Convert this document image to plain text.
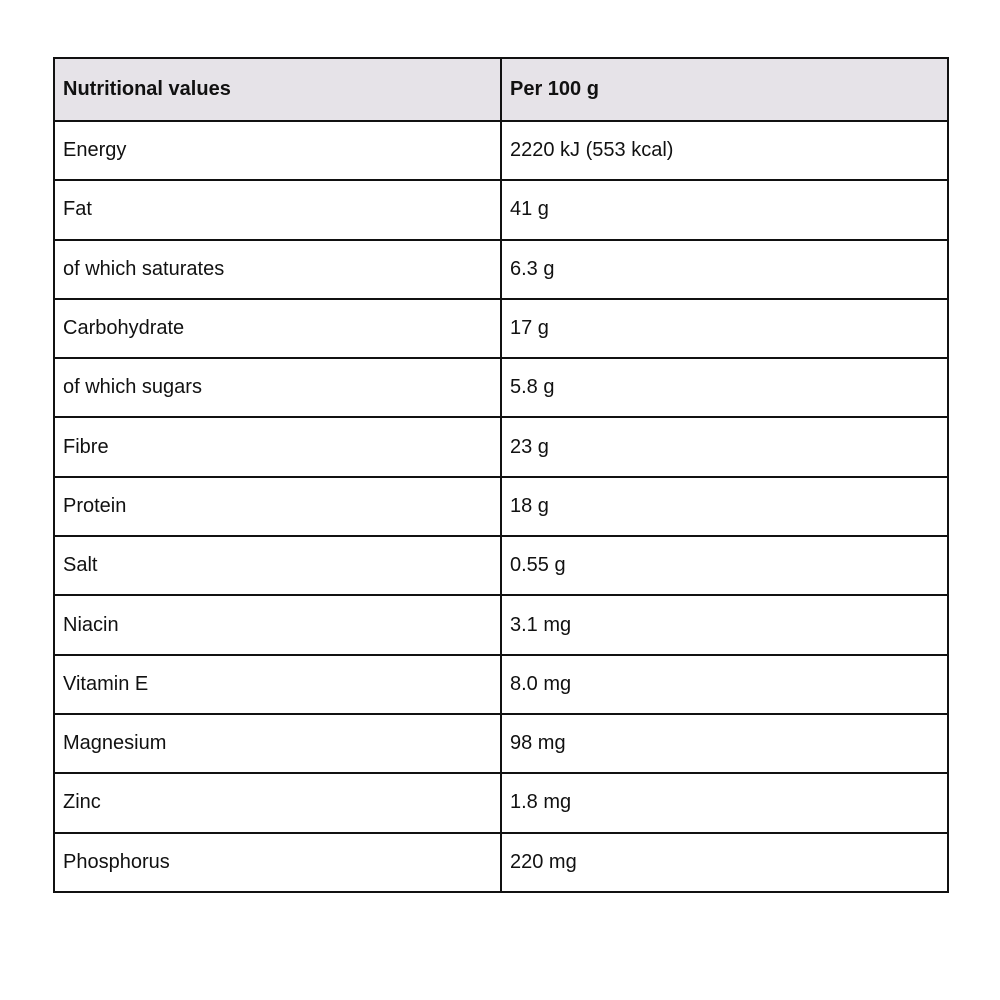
Nutritional values	Per 100 g
Energy	2220 kJ (553 kcal)
Fat	41 g
of which saturates	6.3 g
Carbohydrate	17 g
of which sugars	5.8 g
Fibre	23 g
Protein	18 g
Salt	0.55 g
Niacin	3.1 mg
Vitamin E	8.0 mg
Magnesium	98 mg
Zinc	1.8 mg
Phosphorus	220 mg
